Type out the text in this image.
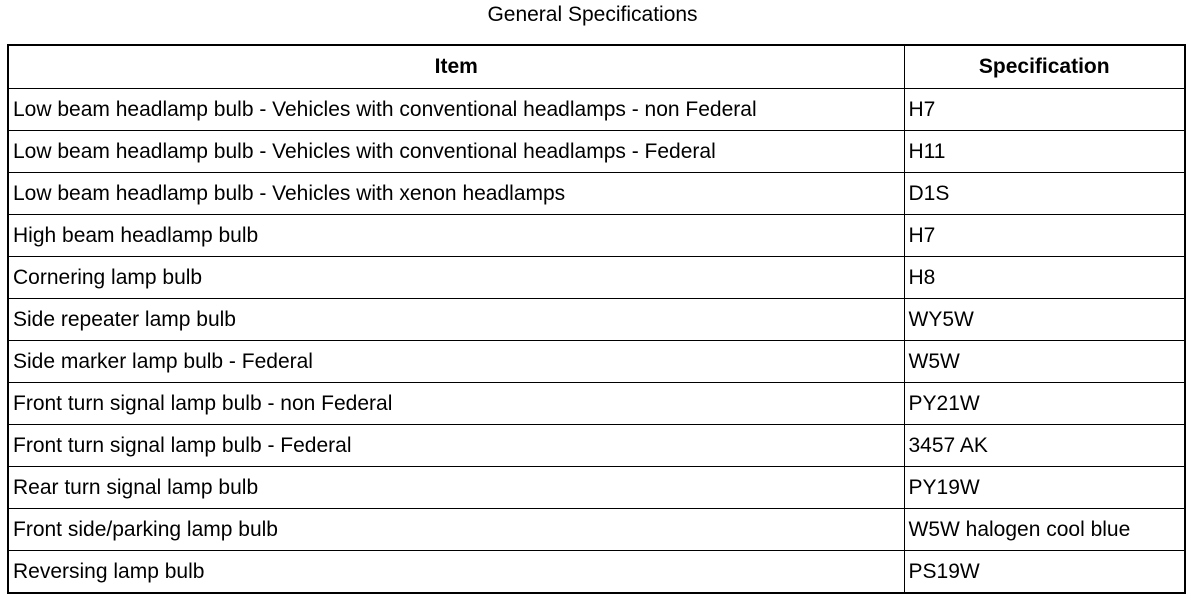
General Specifications
Item	Specification
Low beam headlamp bulb - Vehicles with conventional headlamps - non Federal	H7
Low beam headlamp bulb - Vehicles with conventional headlamps - Federal	H11
Low beam headlamp bulb - Vehicles with xenon headlamps	D1S
High beam headlamp bulb	H7
Cornering lamp bulb	H8
Side repeater lamp bulb	WY5W
Side marker lamp bulb - Federal	W5W
Front turn signal lamp bulb - non Federal	PY21W
Front turn signal lamp bulb - Federal	3457 AK
Rear turn signal lamp bulb	PY19W
Front side/parking lamp bulb	W5W halogen cool blue
Reversing lamp bulb	PS19W
